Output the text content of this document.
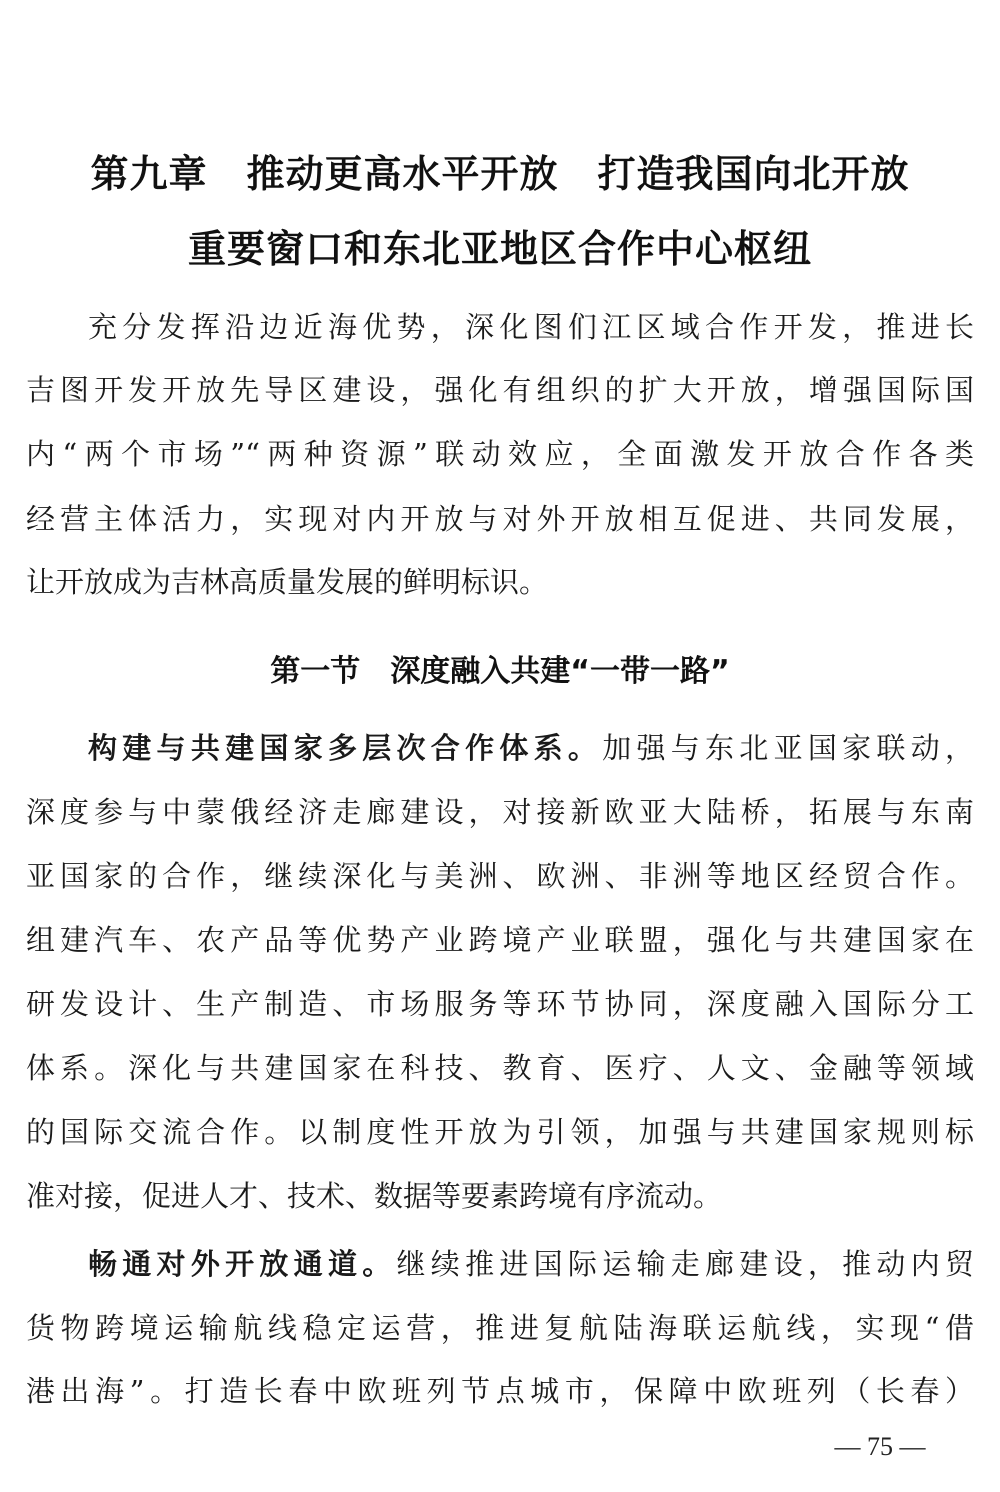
第九章　推动更高水平开放　打造我国向北开放
重要窗口和东北亚地区合作中心枢纽
充分发挥沿边近海优势，深化图们江区域合作开发，推进长
吉图开发开放先导区建设，强化有组织的扩大开放，增强国际国
内“两个市场”“两种资源”联动效应，全面激发开放合作各类
经营主体活力，实现对内开放与对外开放相互促进、共同发展，
让开放成为吉林高质量发展的鲜明标识。
第一节　深度融入共建“一带一路”
构建与共建国家多层次合作体系。加强与东北亚国家联动，
深度参与中蒙俄经济走廊建设，对接新欧亚大陆桥，拓展与东南
亚国家的合作，继续深化与美洲、欧洲、非洲等地区经贸合作。
组建汽车、农产品等优势产业跨境产业联盟，强化与共建国家在
研发设计、生产制造、市场服务等环节协同，深度融入国际分工
体系。深化与共建国家在科技、教育、医疗、人文、金融等领域
的国际交流合作。以制度性开放为引领，加强与共建国家规则标
准对接，促进人才、技术、数据等要素跨境有序流动。
畅通对外开放通道。继续推进国际运输走廊建设，推动内贸
货物跨境运输航线稳定运营，推进复航陆海联运航线，实现“借
港出海”。打造长春中欧班列节点城市，保障中欧班列（长春）
— 75 —
